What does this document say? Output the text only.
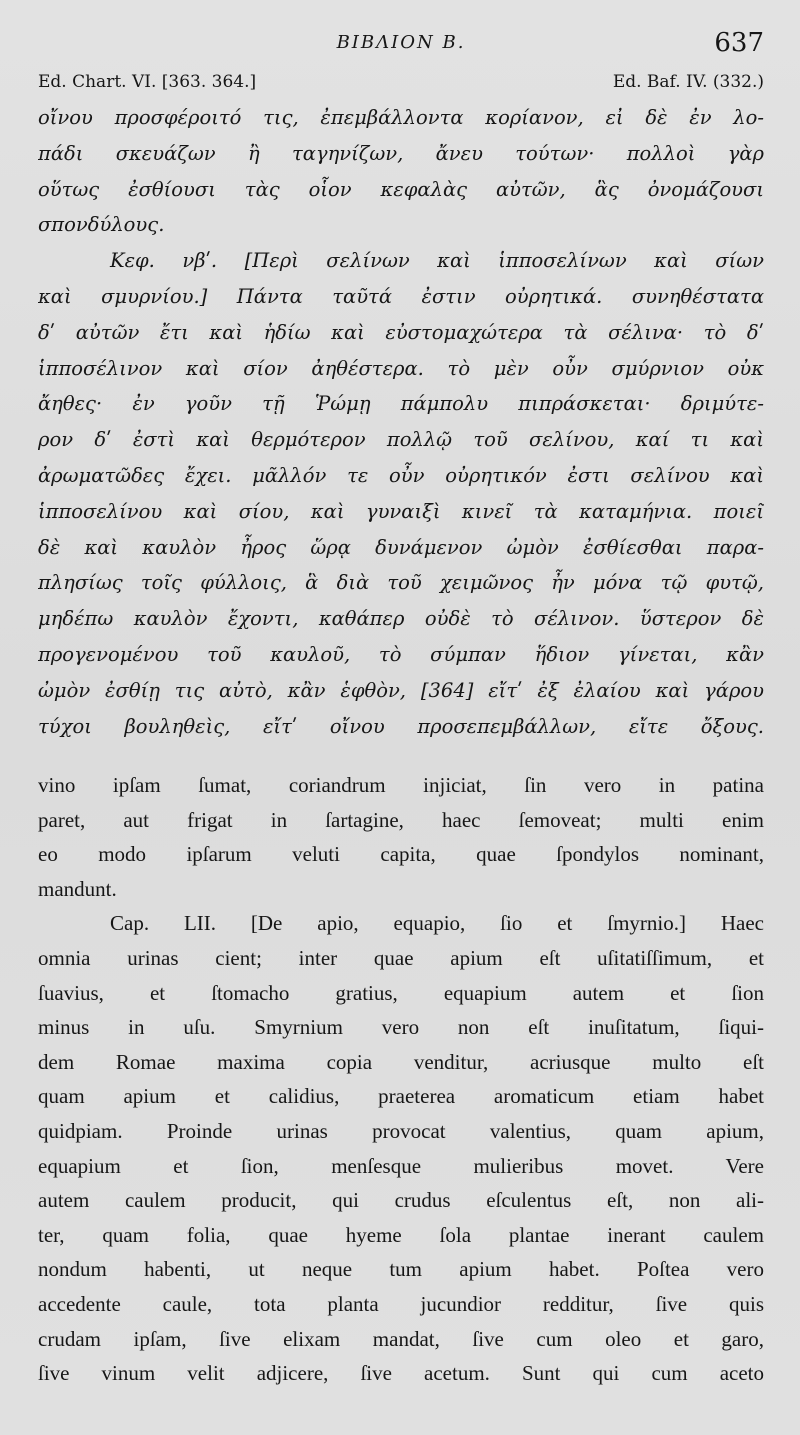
ΒΙΒΛΙΟΝ Β.	637
Ed. Chart. VI. [363. 364.]	Ed. Baf. IV. (332.)
οἴνου προσφέροιτό τις, ἐπεμβάλλοντα κορίανον, εἰ δὲ ἐν λο-
πάδι σκευάζων ἢ ταγηνίζων, ἄνευ τούτων· πολλοὶ γὰρ
οὕτως ἐσθίουσι τὰς οἷον κεφαλὰς αὐτῶν, ἃς ὀνομάζουσι
σπονδύλους.
Κεφ. νβʹ. [Περὶ σελίνων καὶ ἱπποσελίνων καὶ σίων
καὶ σμυρνίου.] Πάντα ταῦτά ἐστιν οὐρητικά. συνηθέστατα
δʹ αὐτῶν ἔτι καὶ ἡδίω καὶ εὐστομαχώτερα τὰ σέλινα· τὸ δʹ
ἱπποσέλινον καὶ σίον ἀηθέστερα. τὸ μὲν οὖν σμύρνιον οὐκ
ἄηθες· ἐν γοῦν τῇ Ῥώμῃ πάμπολυ πιπράσκεται· δριμύτε-
ρον δʹ ἐστὶ καὶ θερμότερον πολλῷ τοῦ σελίνου, καί τι καὶ
ἀρωματῶδες ἔχει. μᾶλλόν τε οὖν οὐρητικόν ἐστι σελίνου καὶ
ἱπποσελίνου καὶ σίου, καὶ γυναιξὶ κινεῖ τὰ καταμήνια. ποιεῖ
δὲ καὶ καυλὸν ἦρος ὥρᾳ δυνάμενον ὠμὸν ἐσθίεσθαι παρα-
πλησίως τοῖς φύλλοις, ἃ διὰ τοῦ χειμῶνος ἦν μόνα τῷ φυτῷ,
μηδέπω καυλὸν ἔχοντι, καθάπερ οὐδὲ τὸ σέλινον. ὕστερον δὲ
προγενομένου τοῦ καυλοῦ, τὸ σύμπαν ἥδιον γίνεται, κἂν
ὠμὸν ἐσθίῃ τις αὐτὸ, κἂν ἑφθὸν, [364] εἴτʹ ἐξ ἐλαίου καὶ γάρου
τύχοι βουληθεὶς, εἴτʹ οἴνου προσεπεμβάλλων, εἴτε ὄξους.
vino ipſam ſumat, coriandrum injiciat, ſin vero in patina
paret, aut frigat in ſartagine, haec ſemoveat; multi enim
eo modo ipſarum veluti capita, quae ſpondylos nominant,
mandunt.
Cap. LII. [De apio, equapio, ſio et ſmyrnio.] Haec
omnia urinas cient; inter quae apium eſt uſitatiſſimum, et
ſuavius, et ſtomacho gratius, equapium autem et ſion
minus in uſu. Smyrnium vero non eſt inuſitatum, ſiqui-
dem Romae maxima copia venditur, acriusque multo eſt
quam apium et calidius, praeterea aromaticum etiam habet
quidpiam. Proinde urinas provocat valentius, quam apium,
equapium et ſion, menſesque mulieribus movet. Vere
autem caulem producit, qui crudus eſculentus eſt, non ali-
ter, quam folia, quae hyeme ſola plantae inerant caulem
nondum habenti, ut neque tum apium habet. Poſtea vero
accedente caule, tota planta jucundior redditur, ſive quis
crudam ipſam, ſive elixam mandat, ſive cum oleo et garo,
ſive vinum velit adjicere, ſive acetum. Sunt qui cum aceto
